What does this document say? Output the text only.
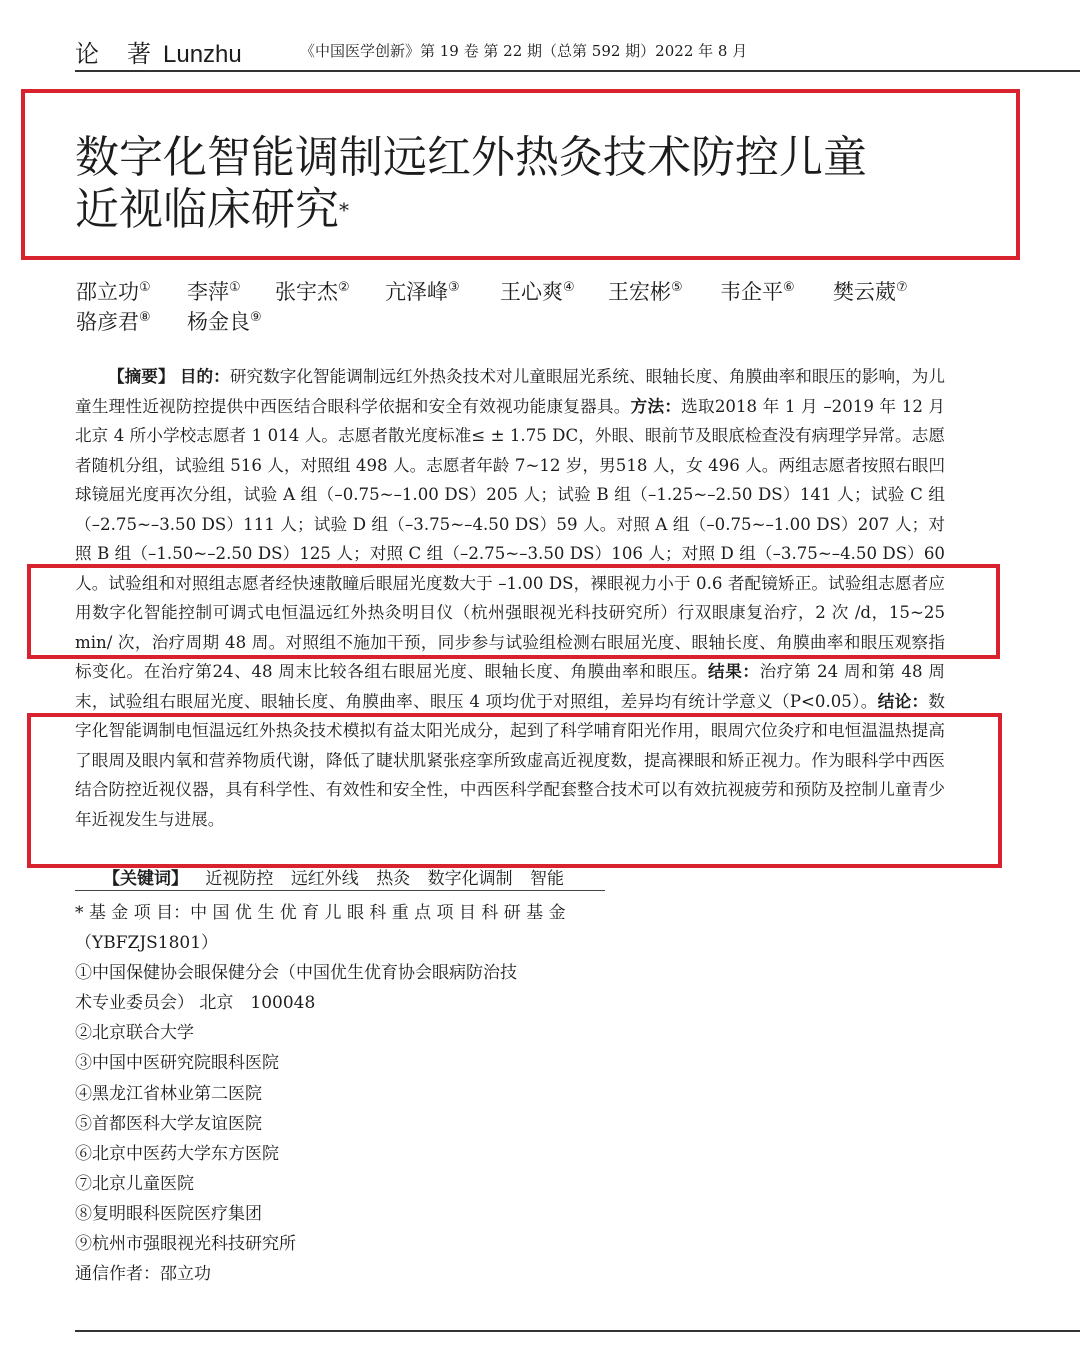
论　著 Lunzhu	《中国医学创新》第 19 卷 第 22 期（总第 592 期）2022 年 8 月
数字化智能调制远红外热灸技术防控儿童
近视临床研究*
邵立功① 李萍① 张宇杰② 亢泽峰③ 王心爽④ 王宏彬⑤ 韦企平⑥ 樊云葳⑦
骆彦君⑧ 杨金良⑨
【摘要】 目的：研究数字化智能调制远红外热灸技术对儿童眼屈光系统、眼轴长度、角膜曲率和眼压的影响，为儿童生理性近视防控提供中西医结合眼科学依据和安全有效视功能康复器具。方法：选取2018 年 1 月 –2019 年 12 月北京 4 所小学校志愿者 1 014 人。志愿者散光度标准≤ ± 1.75 DC，外眼、眼前节及眼底检查没有病理学异常。志愿者随机分组，试验组 516 人，对照组 498 人。志愿者年龄 7~12 岁，男518 人，女 496 人。两组志愿者按照右眼凹球镜屈光度再次分组，试验 A 组（–0.75~–1.00 DS）205 人；试验 B 组（–1.25~–2.50 DS）141 人；试验 C 组（–2.75~–3.50 DS）111 人；试验 D 组（–3.75~–4.50 DS）59 人。对照 A 组（–0.75~–1.00 DS）207 人；对照 B 组（–1.50~–2.50 DS）125 人；对照 C 组（–2.75~–3.50 DS）106 人；对照 D 组（–3.75~–4.50 DS）60 人。试验组和对照组志愿者经快速散瞳后眼屈光度数大于 –1.00 DS，裸眼视力小于 0.6 者配镜矫正。试验组志愿者应用数字化智能控制可调式电恒温远红外热灸明目仪（杭州强眼视光科技研究所）行双眼康复治疗，2 次 /d，15~25 min/ 次，治疗周期 48 周。对照组不施加干预，同步参与试验组检测右眼屈光度、眼轴长度、角膜曲率和眼压观察指标变化。在治疗第24、48 周末比较各组右眼屈光度、眼轴长度、角膜曲率和眼压。结果：治疗第 24 周和第 48 周末，试验组右眼屈光度、眼轴长度、角膜曲率、眼压 4 项均优于对照组，差异均有统计学意义（P<0.05）。结论：数字化智能调制电恒温远红外热灸技术模拟有益太阳光成分，起到了科学哺育阳光作用，眼周穴位灸疗和电恒温温热提高了眼周及眼内氧和营养物质代谢，降低了睫状肌紧张痉挛所致虚高近视度数，提高裸眼和矫正视力。作为眼科学中西医结合防控近视仪器，具有科学性、有效性和安全性，中西医科学配套整合技术可以有效抗视疲劳和预防及控制儿童青少年近视发生与进展。
【关键词】 近视防控 远红外线 热灸 数字化调制 智能
* 基 金 项 目：中 国 优 生 优 育 儿 眼 科 重 点 项 目 科 研 基 金
（YBFZJS1801）
①中国保健协会眼保健分会（中国优生优育协会眼病防治技
术专业委员会） 北京　100048
②北京联合大学
③中国中医研究院眼科医院
④黑龙江省林业第二医院
⑤首都医科大学友谊医院
⑥北京中医药大学东方医院
⑦北京儿童医院
⑧复明眼科医院医疗集团
⑨杭州市强眼视光科技研究所
通信作者：邵立功
